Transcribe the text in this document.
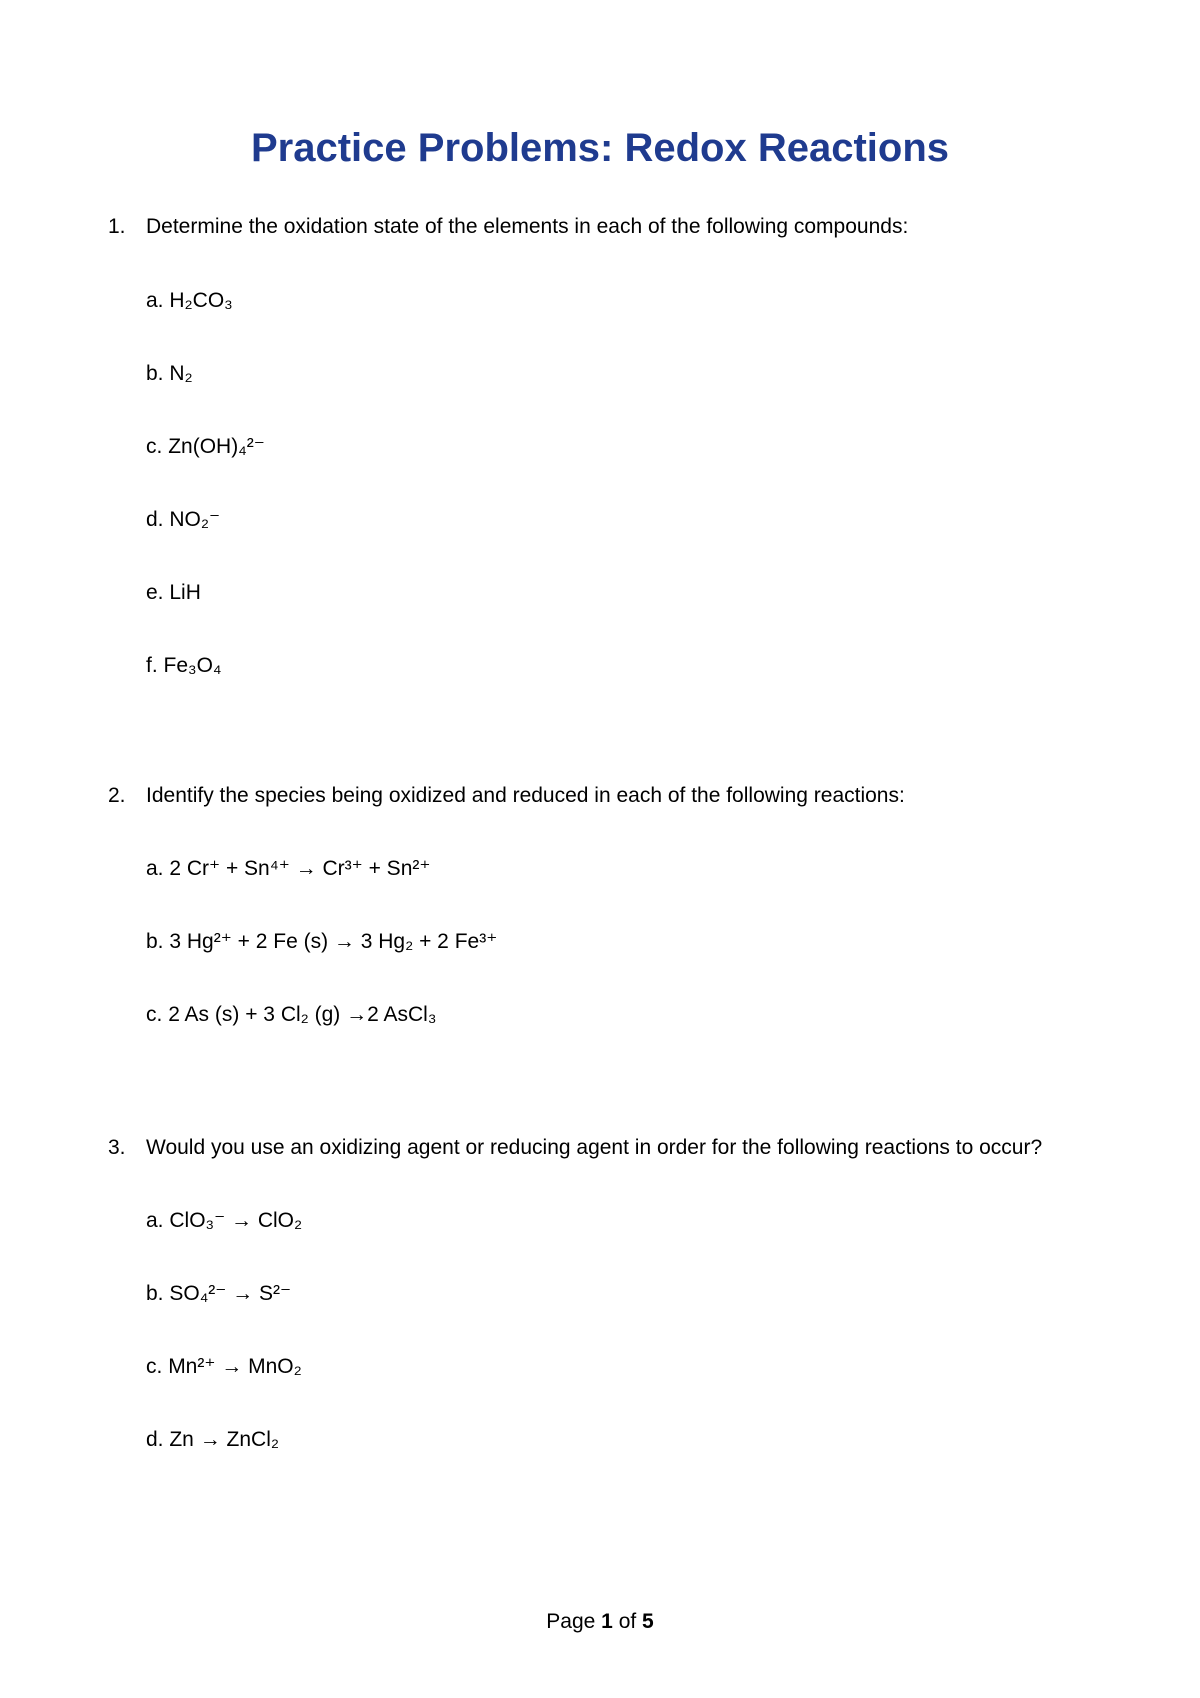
Practice Problems: Redox Reactions
1. Determine the oxidation state of the elements in each of the following compounds:
a. H₂CO₃
b. N₂
c. Zn(OH)₄²⁻
d. NO₂⁻
e. LiH
f. Fe₃O₄
2. Identify the species being oxidized and reduced in each of the following reactions:
a. 2 Cr⁺ + Sn⁴⁺ → Cr³⁺ + Sn²⁺
b. 3 Hg²⁺ + 2 Fe (s) → 3 Hg₂ + 2 Fe³⁺
c. 2 As (s) + 3 Cl₂ (g) →2 AsCl₃
3. Would you use an oxidizing agent or reducing agent in order for the following reactions to occur?
a. ClO₃⁻ → ClO₂
b. SO₄²⁻ → S²⁻
c. Mn²⁺ → MnO₂
d. Zn → ZnCl₂
Page 1 of 5
